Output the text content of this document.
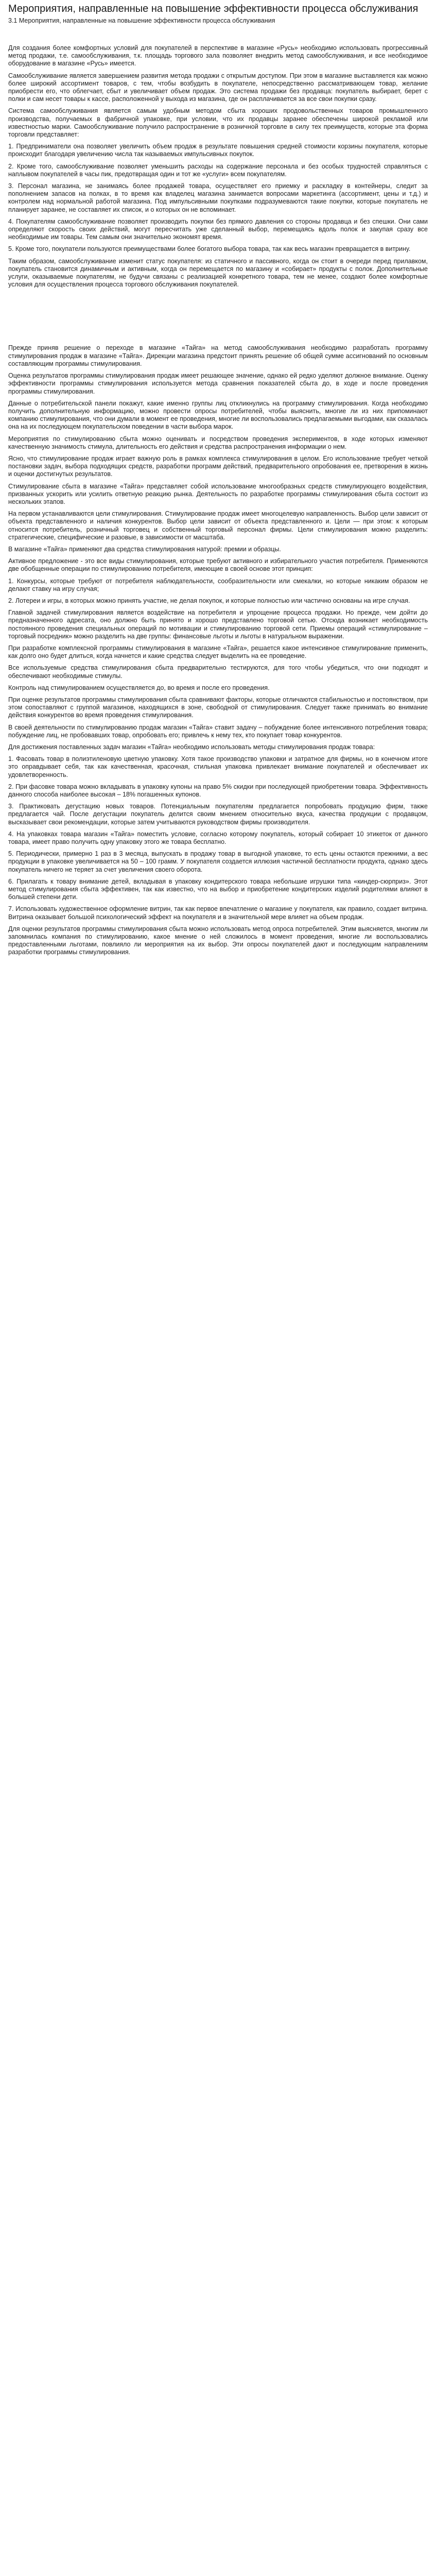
Мероприятия, направленные на повышение эффективности процесса обслуживания
3.1 Мероприятия, направленные на повышение эффективности процесса обслуживания

Для создания более комфортных условий для покупателей в перспективе в магазине «Русь» необходимо использовать прогрессивный метод продажи, т.е. самообслуживания, т.к. площадь торгового зала позволяет внедрить метод самообслуживания, и все необходимое оборудование в магазине «Русь» имеется.

Самообслуживание является завершением развития метода продажи с открытым доступом. При этом в магазине выставляется как можно более широкий ассортимент товаров, с тем, чтобы возбудить в покупателе, непосредственно рассматривающем товар, желание приобрести его, что облегчает, сбыт и увеличивает объем продаж. Это система продажи без продавца: покупатель выбирает, берет с полки и сам несет товары к кассе, расположенной у выхода из магазина, где он расплачивается за все свои покупки сразу.

Система самообслуживания является самым удобным методом сбыта хороших продовольственных товаров промышленного производства, получаемых в фабричной упаковке, при условии, что их продавцы заранее обеспечены широкой рекламой или известностью марки. Самообслуживание получило распространение в розничной торговле в силу тех преимуществ, которые эта форма торговли представляет:

1. Предприниматели она позволяет увеличить объем продаж в результате повышения средней стоимости корзины покупателя, которые происходит благодаря увеличению числа так называемых импульсивных покупок.

2. Кроме того, самообслуживание позволяет уменьшить расходы на содержание персонала и без особых трудностей справляться с наплывом покупателей в часы пик, предотвращая один и тот же «услуги» всем покупателям.

3. Персонал магазина, не занимаясь более продажей товара, осуществляет его приемку и раскладку в контейнеры, следит за пополнением запасов на полках, в то время как владелец магазина занимается вопросами маркетинга (ассортимент, цены и т.д.) и контролем над нормальной работой магазина. Под импульсивными покупками подразумеваются такие покупки, которые покупатель не планирует заранее, не составляет их список, и о которых он не вспоминает.

4. Покупателям самообслуживание позволяет производить покупки без прямого давления со стороны продавца и без спешки. Они сами определяют скорость своих действий, могут пересчитать уже сделанный выбор, перемещаясь вдоль полок и закупая сразу все необходимые им товары. Тем самым они значительно экономят время.

5. Кроме того, покупатели пользуются преимуществами более богатого выбора товара, так как весь магазин превращается в витрину.

Таким образом, самообслуживание изменит статус покупателя: из статичного и пассивного, когда он стоит в очереди перед прилавком, покупатель становится динамичным и активным, когда он перемещается по магазину и «собирает» продукты с полок. Дополнительные услуги, оказываемые покупателям, не будучи связаны с реализацией конкретного товара, тем не менее, создают более комфортные условия для осуществления процесса торгового обслуживания покупателей.

Прежде приняв решение о переходе в магазине «Тайга» на метод самообслуживания необходимо разработать программу стимулирования продаж в магазине «Тайга». Дирекции магазина предстоит принять решение об общей сумме ассигнований по основным составляющим программы стимулирования.

Оценка результатов программы стимулирования продаж имеет решающее значение, однако ей редко уделяют должное внимание. Оценку эффективности программы стимулирования используется метода сравнения показателей сбыта до, в ходе и после проведения программы стимулирования.

Данные о потребительской панели покажут, какие именно группы лиц откликнулись на программу стимулирования. Когда необходимо получить дополнительную информацию, можно провести опросы потребителей, чтобы выяснить, многие ли из них припоминают компанию стимулирования, что они думали в момент ее проведения, многие ли воспользовались предлагаемыми выгодами, как сказалась она на их последующем покупательском поведении в части выбора марок.

Мероприятия по стимулированию сбыта можно оценивать и посредством проведения экспериментов, в ходе которых изменяют качественную значимость стимула, длительность его действия и средства распространения информации о нем.

Ясно, что стимулирование продаж играет важную роль в рамках комплекса стимулирования в целом. Его использование требует четкой постановки задач, выбора подходящих средств, разработки программ действий, предварительного опробования ее, претворения в жизнь и оценки достигнутых результатов.

Стимулирование сбыта в магазине «Тайга» представляет собой использование многообразных средств стимулирующего воздействия, призванных ускорить или усилить ответную реакцию рынка. Деятельность по разработке программы стимулирования сбыта состоит из нескольких этапов.

На первом устанавливаются цели стимулирования. Стимулирование продаж имеет многоцелевую направленность. Выбор цели зависит от объекта представленного и наличия конкурентов. Выбор цели зависит от объекта представленного и. Цели — при этом: к которым относится потребитель, розничный торговец и собственный торговый персонал фирмы. Цели стимулирования можно разделить: стратегические, специфические и разовые, в зависимости от масштаба.

В магазине «Тайга» применяют два средства стимулирования натурой: премии и образцы.

Активное предложение - это все виды стимулирования, которые требуют активного и избирательного участия потребителя. Применяются две обобщенные операции по стимулированию потребителя, имеющие в своей основе этот принцип:

1. Конкурсы, которые требуют от потребителя наблюдательности, сообразительности или смекалки, но которые никаким образом не делают ставку на игру случая;

2. Лотереи и игры, в которых можно принять участие, не делая покупок, и которые полностью или частично основаны на игре случая.

Главной задачей стимулирования является воздействие на потребителя и упрощение процесса продажи. Но прежде, чем дойти до предназначенного адресата, оно должно быть принято и хорошо представлено торговой сетью. Отсюда возникает необходимость постоянного проведения специальных операций по мотивации и стимулированию торговой сети. Приемы операций «стимулирование – торговый посредник» можно разделить на две группы: финансовые льготы и льготы в натуральном выражении.

При разработке комплексной программы стимулирования в магазине «Тайга», решается какое интенсивное стимулирование применить, как долго оно будет длиться, когда начнется и какие средства следует выделить на ее проведение.

Все используемые средства стимулирования сбыта предварительно тестируются, для того чтобы убедиться, что они подходят и обеспечивают необходимые стимулы.

Контроль над стимулированием осуществляется до, во время и после его проведения.

При оценке результатов программы стимулирования сбыта сравнивают факторы, которые отличаются стабильностью и постоянством, при этом сопоставляют с группой магазинов, находящихся в зоне, свободной от стимулирования. Следует также принимать во внимание действия конкурентов во время проведения стимулирования.

В своей деятельности по стимулированию продаж магазин «Тайга» ставит задачу – побуждение более интенсивного потребления товара; побуждение лиц, не пробовавших товар, опробовать его; привлечь к нему тех, кто покупает товар конкурентов.

Для достижения поставленных задач магазин «Тайга» необходимо использовать методы стимулирования продаж товара:

1. Фасовать товар в полиэтиленовую цветную упаковку. Хотя такое производство упаковки и затратное для фирмы, но в конечном итоге это оправдывает себя, так как качественная, красочная, стильная упаковка привлекает внимание покупателей и обеспечивает их удовлетворенность.

2. При фасовке товара можно вкладывать в упаковку купоны на право 5% скидки при последующей приобретении товара. Эффективность данного способа наиболее высокая – 18% погашенных купонов.

3. Практиковать дегустацию новых товаров. Потенциальным покупателям предлагается попробовать продукцию фирм, также предлагается чай. После дегустации покупатель делится своим мнением относительно вкуса, качества продукции с продавцом, высказывает свои рекомендации, которые затем учитываются руководством фирмы производителя.

4. На упаковках товара магазин «Тайга» поместить условие, согласно которому покупатель, который собирает 10 этикеток от данного товара, имеет право получить одну упаковку этого же товара бесплатно.

5. Периодически, примерно 1 раз в 3 месяца, выпускать в продажу товар в выгодной упаковке, то есть цены остаются прежними, а вес продукции в упаковке увеличивается на 50 – 100 грамм. У покупателя создается иллюзия частичной бесплатности продукта, однако здесь покупатель ничего не теряет за счет увеличения своего оборота.

6. Прилагать к товару внимание детей, вкладывая в упаковку кондитерского товара небольшие игрушки типа «киндер-сюрприз». Этот метод стимулирования сбыта эффективен, так как известно, что на выбор и приобретение кондитерских изделий родителями влияют в большей степени дети.

7. Использовать художественное оформление витрин, так как первое впечатление о магазине у покупателя, как правило, создает витрина. Витрина оказывает большой психологический эффект на покупателя и в значительной мере влияет на объем продаж.

Для оценки результатов программы стимулирования сбыта можно использовать метод опроса потребителей. Этим выясняется, многим ли запомнилась компания по стимулированию, какое мнение о ней сложилось в момент проведения, многие ли воспользовались предоставленными льготами, повлияло ли мероприятия на их выбор. Эти опросы покупателей дают и последующим направлениям разработки программы стимулирования.
